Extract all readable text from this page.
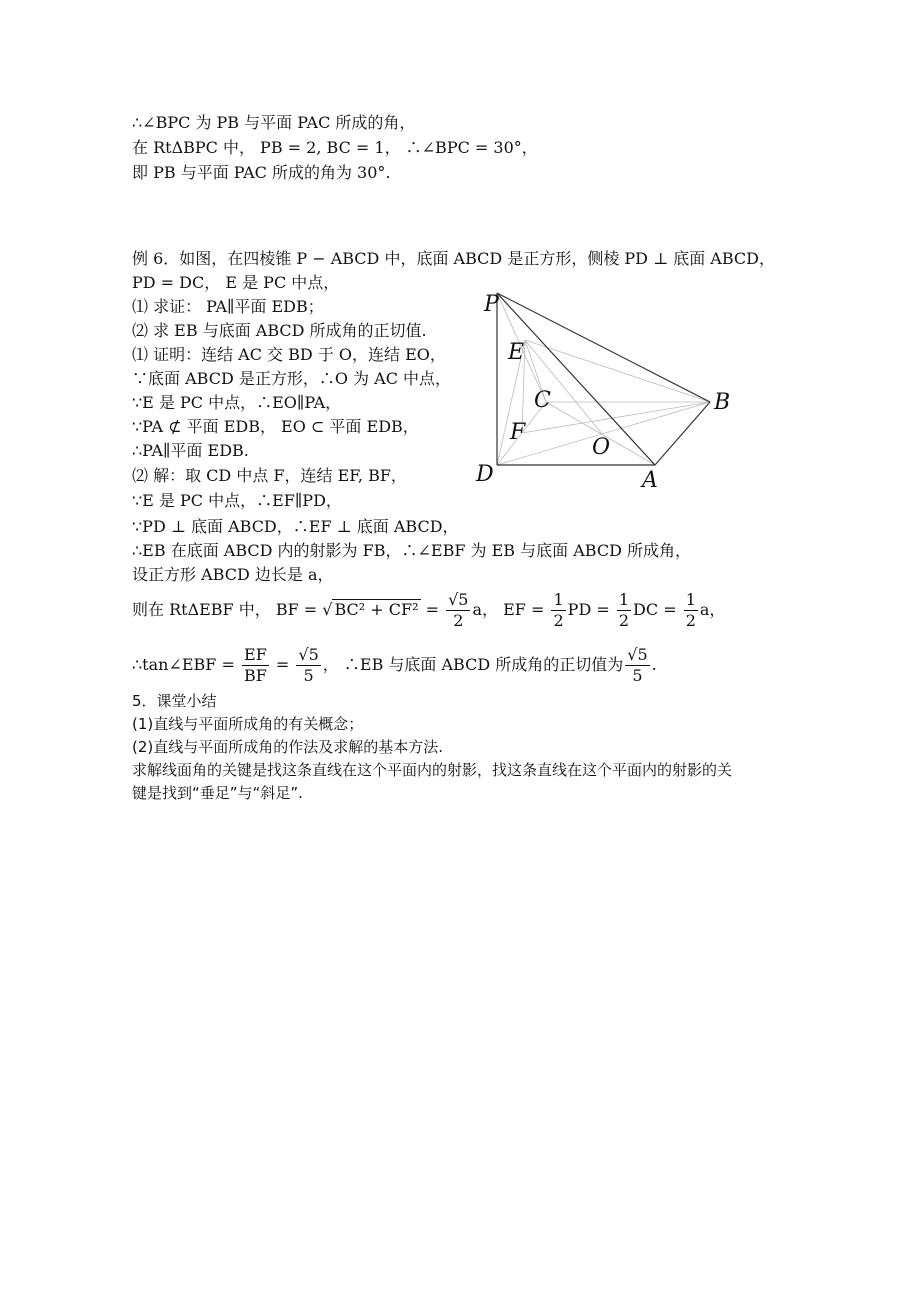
∴∠BPC 为 PB 与平面 PAC 所成的角，
在 RtΔBPC 中， PB = 2, BC = 1， ∴∠BPC = 30°，
即 PB 与平面 PAC 所成的角为 30°.
例 6．如图，在四棱锥 P − ABCD 中，底面 ABCD 是正方形，侧棱 PD ⊥ 底面 ABCD，
PD = DC， E 是 PC 中点，
⑴ 求证： PA∥平面 EDB；
⑵ 求 EB 与底面 ABCD 所成角的正切值.
⑴ 证明：连结 AC 交 BD 于 O，连结 EO，
∵底面 ABCD 是正方形，∴O 为 AC 中点，
∵E 是 PC 中点，∴EO∥PA，
∵PA ⊄ 平面 EDB， EO ⊂ 平面 EDB，
∴PA∥平面 EDB.
⑵ 解：取 CD 中点 F，连结 EF, BF，
∵E 是 PC 中点，∴EF∥PD，
∵PD ⊥ 底面 ABCD，∴EF ⊥ 底面 ABCD，
∴EB 在底面 ABCD 内的射影为 FB，∴∠EBF 为 EB 与底面 ABCD 所成角，
设正方形 ABCD 边长是 a，
则在 RtΔEBF 中， BF = √ $BC^2 + CF^2 = \frac{√5}{2}$ a， EF = $\frac{1}{2}$ PD = $\frac{1}{2}$ DC = $\frac{1}{2}$ a，
∴tan∠EBF = $\frac{EF}{BF} = \frac{√5}{5}$ ， ∴EB 与底面 ABCD 所成角的正切值为 $\frac{√5}{5}$ .
5．课堂小结
(1)直线与平面所成角的有关概念；
(2)直线与平面所成角的作法及求解的基本方法.
求解线面角的关键是找这条直线在这个平面内的射影，找这条直线在这个平面内的射影的关
键是找到“垂足”与“斜足”.
P
E
C	B
F
O
D	A
